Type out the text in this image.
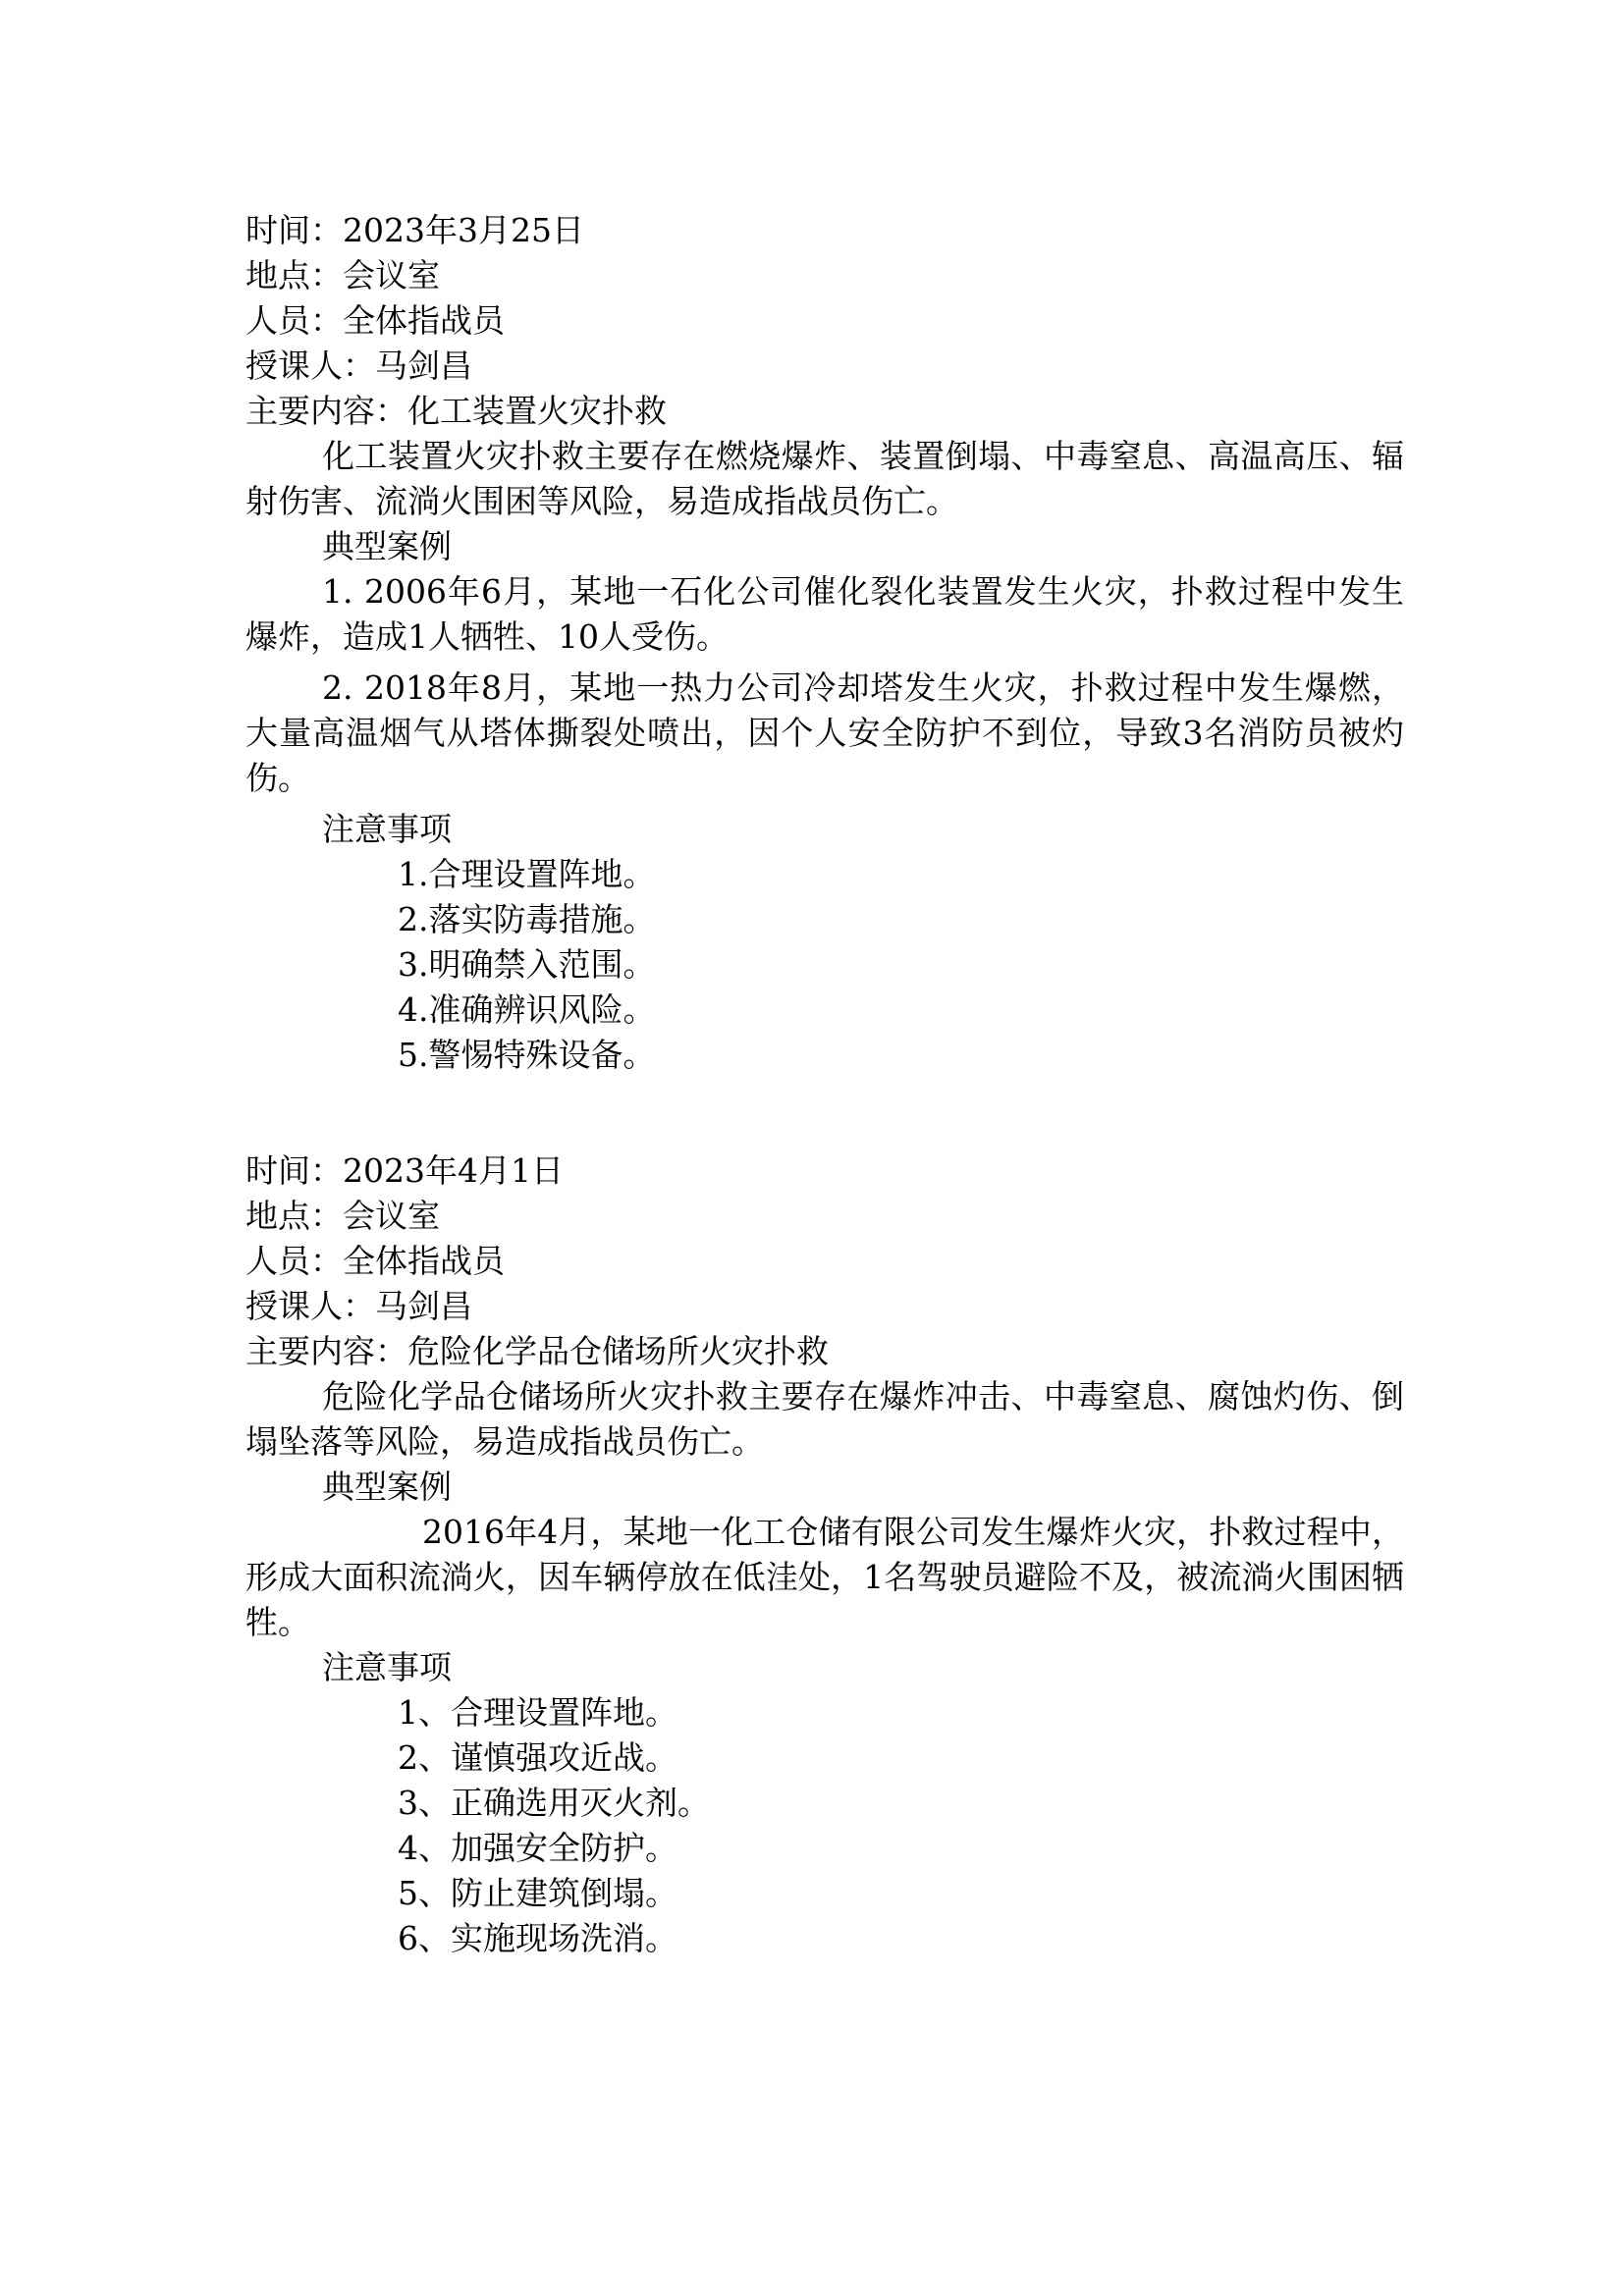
时间：2023年3月25日

地点：会议室

人员：全体指战员

授课人：马剑昌

主要内容：化工装置火灾扑救

化工装置火灾扑救主要存在燃烧爆炸、装置倒塌、中毒窒息、高温高压、辐射伤害、流淌火围困等风险，易造成指战员伤亡。

典型案例

1. 2006年6月，某地一石化公司催化裂化装置发生火灾，扑救过程中发生爆炸，造成1人牺牲、10人受伤。

2. 2018年8月，某地一热力公司冷却塔发生火灾，扑救过程中发生爆燃，大量高温烟气从塔体撕裂处喷出，因个人安全防护不到位，导致3名消防员被灼伤。

注意事项

1.合理设置阵地。

2.落实防毒措施。

3.明确禁入范围。

4.准确辨识风险。

5.警惕特殊设备。

时间：2023年4月1日

地点：会议室

人员：全体指战员

授课人：马剑昌

主要内容：危险化学品仓储场所火灾扑救

危险化学品仓储场所火灾扑救主要存在爆炸冲击、中毒窒息、腐蚀灼伤、倒塌坠落等风险，易造成指战员伤亡。

典型案例

2016年4月，某地一化工仓储有限公司发生爆炸火灾，扑救过程中，形成大面积流淌火，因车辆停放在低洼处，1名驾驶员避险不及，被流淌火围困牺牲。

注意事项

1、合理设置阵地。

2、谨慎强攻近战。

3、正确选用灭火剂。

4、加强安全防护。

5、防止建筑倒塌。

6、实施现场洗消。
